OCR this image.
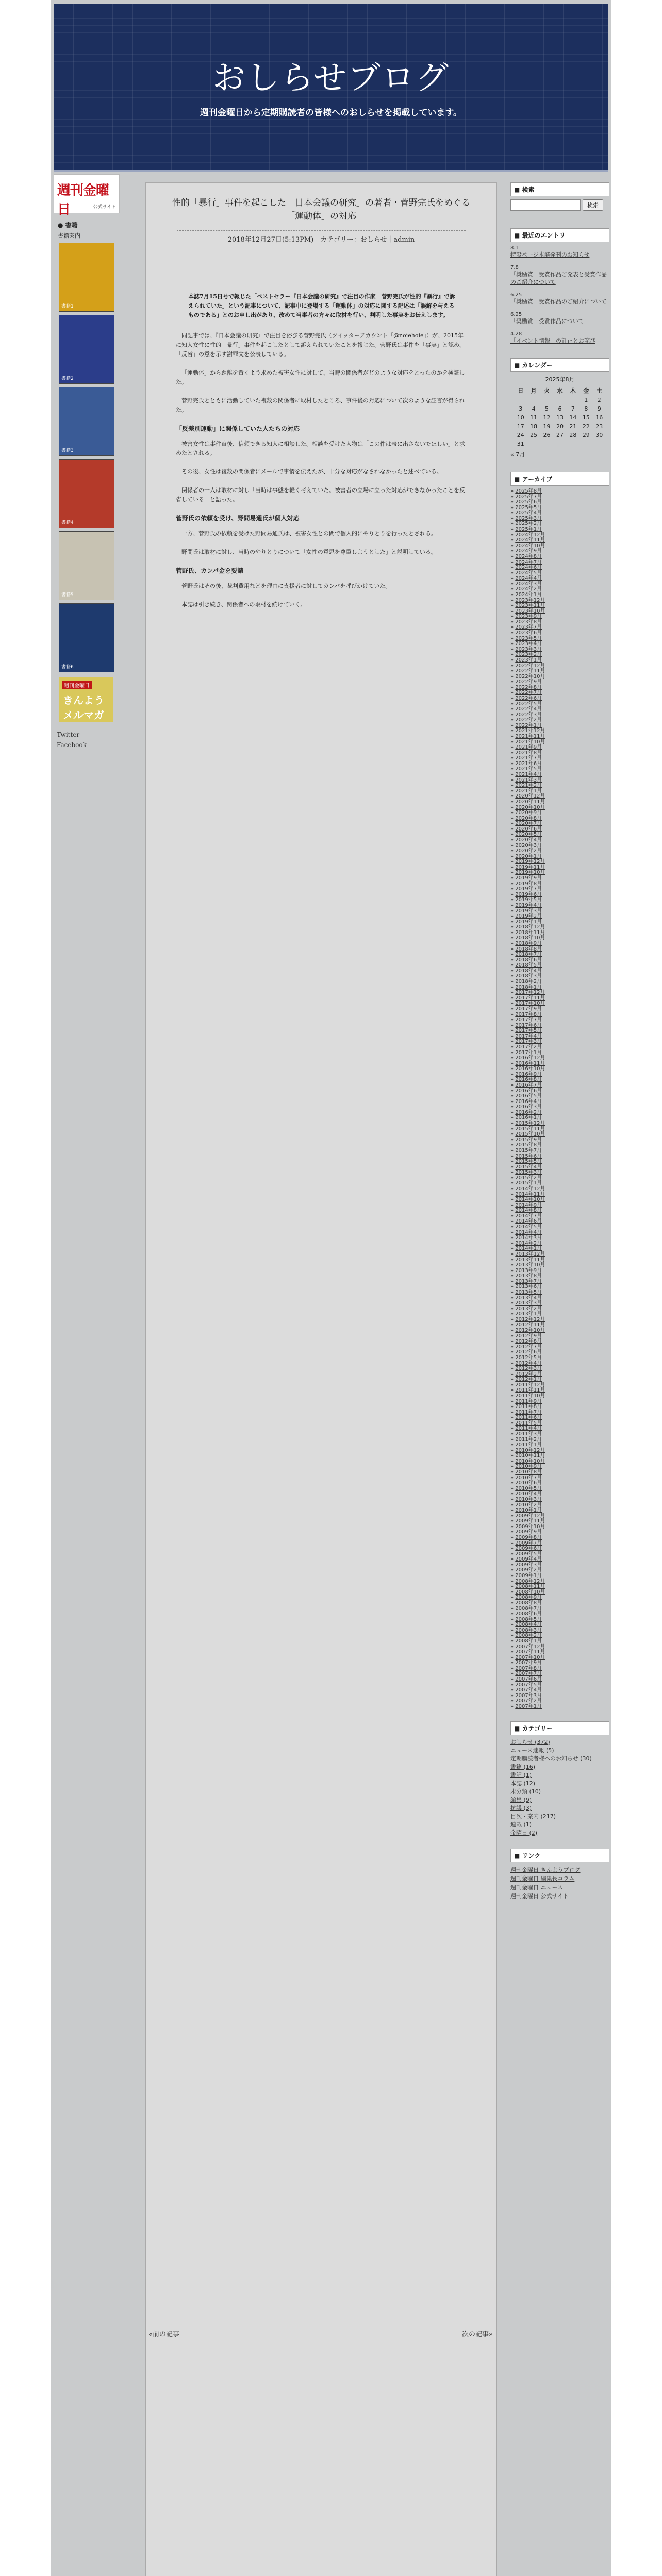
おしらせブログ
週刊金曜日から定期購読者の皆様へのおしらせを掲載しています。
週刊金曜日	公式サイト
● 書籍
書籍案内
書籍1
書籍2
書籍3
書籍4
書籍5
書籍6
週刊金曜日
きんようメルマガ
Twitter
Facebook
性的「暴行」事件を起こした「日本会議の研究」の著者・菅野完氏をめぐる「運動体」の対応
2018年12月27日(5:13PM)｜カテゴリー：おしらせ｜admin

本誌7月15日号で報じた「ベストセラー『日本会議の研究』で注目の作家　菅野完氏が性的『暴行』で訴えられていた」という記事について、記事中に登場する「運動体」の対応に関する記述は「誤解を与えるものである」とのお申し出があり、改めて当事者の方々に取材を行い、判明した事実をお伝えします。

同記事では、『日本会議の研究』で注目を浴びる菅野完氏（ツイッターアカウント「@noiehoie」）が、2015年に知人女性に性的「暴行」事件を起こしたとして訴えられていたことを報じた。菅野氏は事件を「事実」と認め、「反省」の意を示す謝罪文を公表している。

「運動体」から距離を置くよう求めた被害女性に対して、当時の関係者がどのような対応をとったのかを検証した。

菅野完氏とともに活動していた複数の関係者に取材したところ、事件後の対応について次のような証言が得られた。

「反差別運動」に関係していた人たちの対応

被害女性は事件直後、信頼できる知人に相談した。相談を受けた人物は「この件は表に出さないでほしい」と求めたとされる。

その後、女性は複数の関係者にメールで事情を伝えたが、十分な対応がなされなかったと述べている。

関係者の一人は取材に対し「当時は事態を軽く考えていた。被害者の立場に立った対応ができなかったことを反省している」と語った。

菅野氏の依頼を受け、野間易通氏が個人対応

一方、菅野氏の依頼を受けた野間易通氏は、被害女性との間で個人的にやりとりを行ったとされる。

野間氏は取材に対し、当時のやりとりについて「女性の意思を尊重しようとした」と説明している。

菅野氏、カンパ金を要請

菅野氏はその後、裁判費用などを理由に支援者に対してカンパを呼びかけていた。

本誌は引き続き、関係者への取材を続けていく。

«前の記事	次の記事»
■ 検索
検索
■ 最近のエントリ
8.1
特設ページ本誌発刊のお知らせ
7.8
「奨励賞」受賞作品ご発表と受賞作品のご紹介について
6.25
「奨励賞」受賞作品のご紹介について
6.25
「奨励賞」受賞作品について
4.28
「イベント情報」の訂正とお詫び
■ カレンダー
2025年8月
日	月	火	水	木	金	土
					1	2
3	4	5	6	7	8	9
10	11	12	13	14	15	16
17	18	19	20	21	22	23
24	25	26	27	28	29	30
31						
« 7月
■ アーカイブ
» 2025年8月
» 2025年7月
» 2025年6月
» 2025年5月
» 2025年4月
» 2025年3月
» 2025年2月
» 2025年1月
» 2024年12月
» 2024年11月
» 2024年10月
» 2024年9月
» 2024年8月
» 2024年7月
» 2024年6月
» 2024年5月
» 2024年4月
» 2024年3月
» 2024年2月
» 2024年1月
» 2023年12月
» 2023年11月
» 2023年10月
» 2023年9月
» 2023年8月
» 2023年7月
» 2023年6月
» 2023年5月
» 2023年4月
» 2023年3月
» 2023年2月
» 2023年1月
» 2022年12月
» 2022年11月
» 2022年10月
» 2022年9月
» 2022年8月
» 2022年7月
» 2022年6月
» 2022年5月
» 2022年4月
» 2022年3月
» 2022年2月
» 2022年1月
» 2021年12月
» 2021年11月
» 2021年10月
» 2021年9月
» 2021年8月
» 2021年7月
» 2021年6月
» 2021年5月
» 2021年4月
» 2021年3月
» 2021年2月
» 2021年1月
» 2020年12月
» 2020年11月
» 2020年10月
» 2020年9月
» 2020年8月
» 2020年7月
» 2020年6月
» 2020年5月
» 2020年4月
» 2020年3月
» 2020年2月
» 2020年1月
» 2019年12月
» 2019年11月
» 2019年10月
» 2019年9月
» 2019年8月
» 2019年7月
» 2019年6月
» 2019年5月
» 2019年4月
» 2019年3月
» 2019年2月
» 2019年1月
» 2018年12月
» 2018年11月
» 2018年10月
» 2018年9月
» 2018年8月
» 2018年7月
» 2018年6月
» 2018年5月
» 2018年4月
» 2018年3月
» 2018年2月
» 2018年1月
» 2017年12月
» 2017年11月
» 2017年10月
» 2017年9月
» 2017年8月
» 2017年7月
» 2017年6月
» 2017年5月
» 2017年4月
» 2017年3月
» 2017年2月
» 2017年1月
» 2016年12月
» 2016年11月
» 2016年10月
» 2016年9月
» 2016年8月
» 2016年7月
» 2016年6月
» 2016年5月
» 2016年4月
» 2016年3月
» 2016年2月
» 2016年1月
» 2015年12月
» 2015年11月
» 2015年10月
» 2015年9月
» 2015年8月
» 2015年7月
» 2015年6月
» 2015年5月
» 2015年4月
» 2015年3月
» 2015年2月
» 2015年1月
» 2014年12月
» 2014年11月
» 2014年10月
» 2014年9月
» 2014年8月
» 2014年7月
» 2014年6月
» 2014年5月
» 2014年4月
» 2014年3月
» 2014年2月
» 2014年1月
» 2013年12月
» 2013年11月
» 2013年10月
» 2013年9月
» 2013年8月
» 2013年7月
» 2013年6月
» 2013年5月
» 2013年4月
» 2013年3月
» 2013年2月
» 2013年1月
» 2012年12月
» 2012年11月
» 2012年10月
» 2012年9月
» 2012年8月
» 2012年7月
» 2012年6月
» 2012年5月
» 2012年4月
» 2012年3月
» 2012年2月
» 2012年1月
» 2011年12月
» 2011年11月
» 2011年10月
» 2011年9月
» 2011年8月
» 2011年7月
» 2011年6月
» 2011年5月
» 2011年4月
» 2011年3月
» 2011年2月
» 2011年1月
» 2010年12月
» 2010年11月
» 2010年10月
» 2010年9月
» 2010年8月
» 2010年7月
» 2010年6月
» 2010年5月
» 2010年4月
» 2010年3月
» 2010年2月
» 2010年1月
» 2009年12月
» 2009年11月
» 2009年10月
» 2009年9月
» 2009年8月
» 2009年7月
» 2009年6月
» 2009年5月
» 2009年4月
» 2009年3月
» 2009年2月
» 2009年1月
» 2008年12月
» 2008年11月
» 2008年10月
» 2008年9月
» 2008年8月
» 2008年7月
» 2008年6月
» 2008年5月
» 2008年4月
» 2008年3月
» 2008年2月
» 2008年1月
» 2007年12月
» 2007年11月
» 2007年10月
» 2007年9月
» 2007年8月
» 2007年7月
» 2007年6月
» 2007年5月
» 2007年4月
» 2007年3月
» 2007年2月
» 2007年1月
■ カテゴリー
おしらせ (372)
ニュース速報 (5)
定期購読者様へのお知らせ (30)
書籍 (16)
書評 (1)
本誌 (12)
未分類 (10)
編集 (9)
抗議 (3)
目次・案内 (217)
連載 (1)
金曜日 (2)
■ リンク
週刊金曜日 きんようブログ
週刊金曜日 編集長コラム
週刊金曜日 ニュース
週刊金曜日 公式サイト
